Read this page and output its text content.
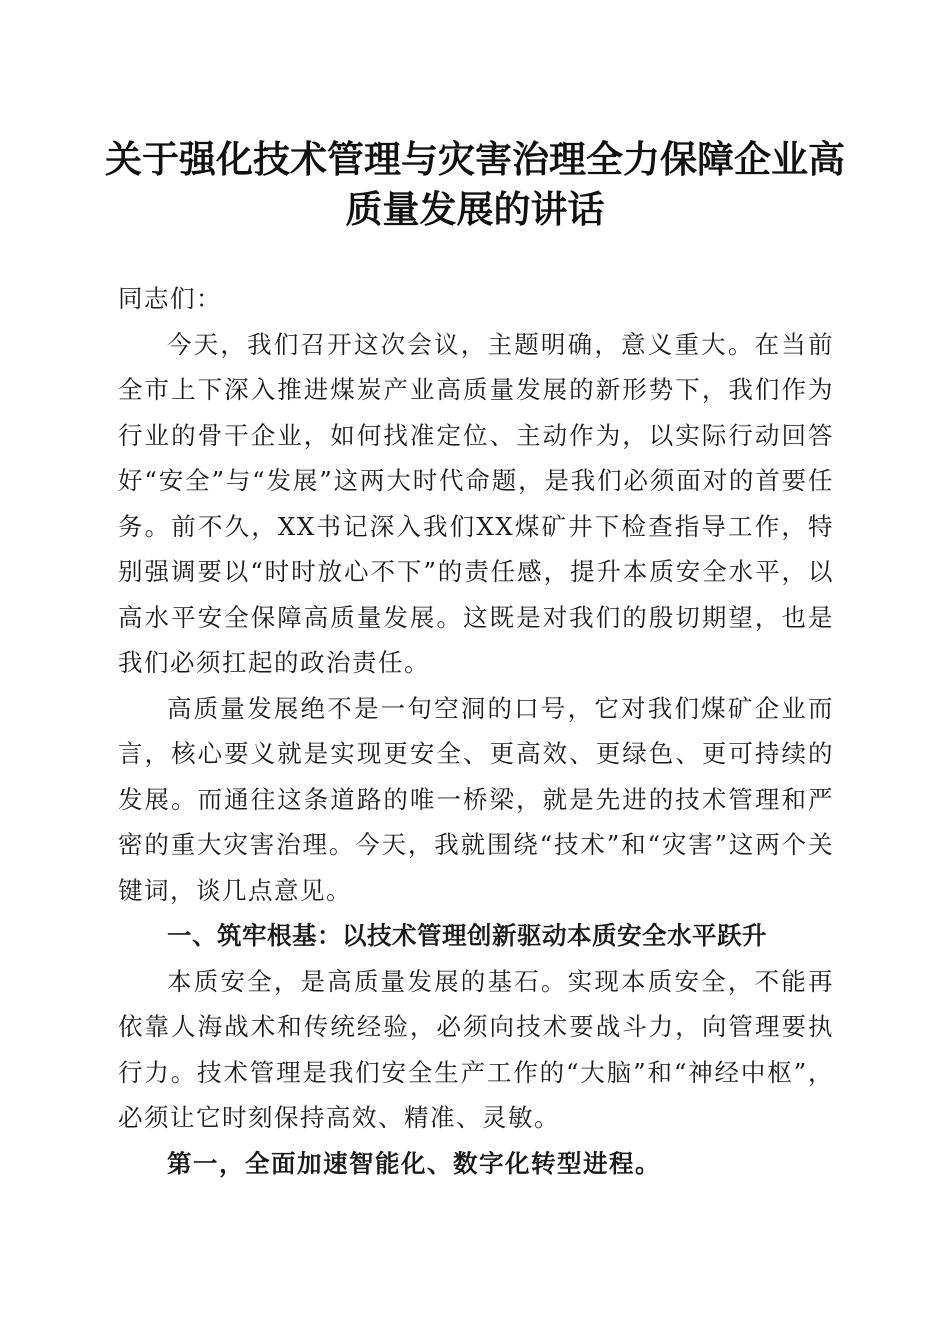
关于强化技术管理与灾害治理全力保障企业高质量发展的讲话

同志们：

今天，我们召开这次会议，主题明确，意义重大。在当前全市上下深入推进煤炭产业高质量发展的新形势下，我们作为行业的骨干企业，如何找准定位、主动作为，以实际行动回答好“安全”与“发展”这两大时代命题，是我们必须面对的首要任务。前不久，XX书记深入我们XX煤矿井下检查指导工作，特别强调要以“时时放心不下”的责任感，提升本质安全水平，以高水平安全保障高质量发展。这既是对我们的殷切期望，也是我们必须扛起的政治责任。

高质量发展绝不是一句空洞的口号，它对我们煤矿企业而言，核心要义就是实现更安全、更高效、更绿色、更可持续的发展。而通往这条道路的唯一桥梁，就是先进的技术管理和严密的重大灾害治理。今天，我就围绕“技术”和“灾害”这两个关键词，谈几点意见。

一、筑牢根基：以技术管理创新驱动本质安全水平跃升

本质安全，是高质量发展的基石。实现本质安全，不能再依靠人海战术和传统经验，必须向技术要战斗力，向管理要执行力。技术管理是我们安全生产工作的“大脑”和“神经中枢”，必须让它时刻保持高效、精准、灵敏。

第一，全面加速智能化、数字化转型进程。
